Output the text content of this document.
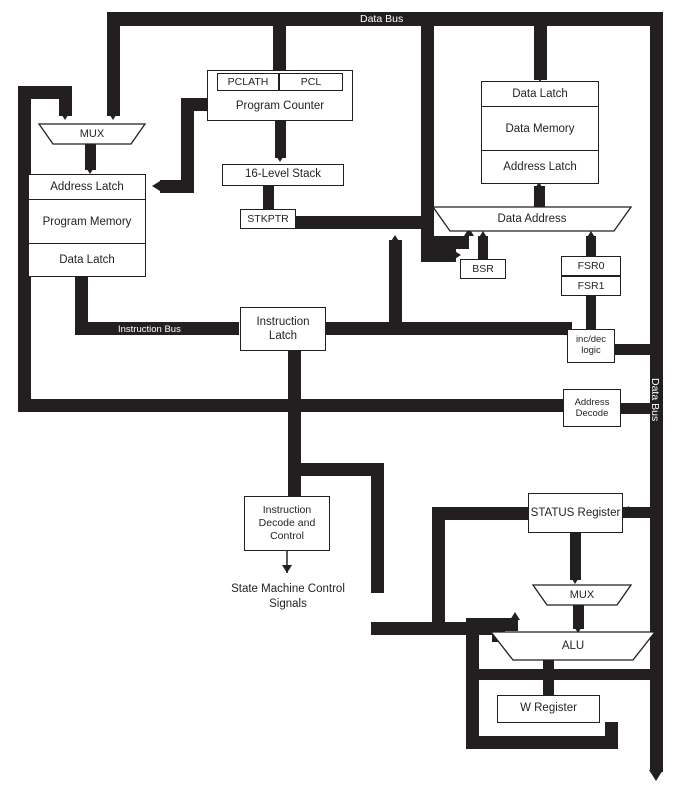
Data Bus
Data Bus
MUX
Address Latch
Program Memory
Data Latch
Instruction Bus
Program Counter
PCLATH	PCL
16-Level Stack
STKPTR
Data Latch
Data Memory
Address Latch
Data Address
BSR	FSR0
FSR1
inc/dec logic
Instruction Latch
Address Decode
Instruction Decode and Control
State Machine Control Signals
STATUS Register
MUX
ALU
W Register
